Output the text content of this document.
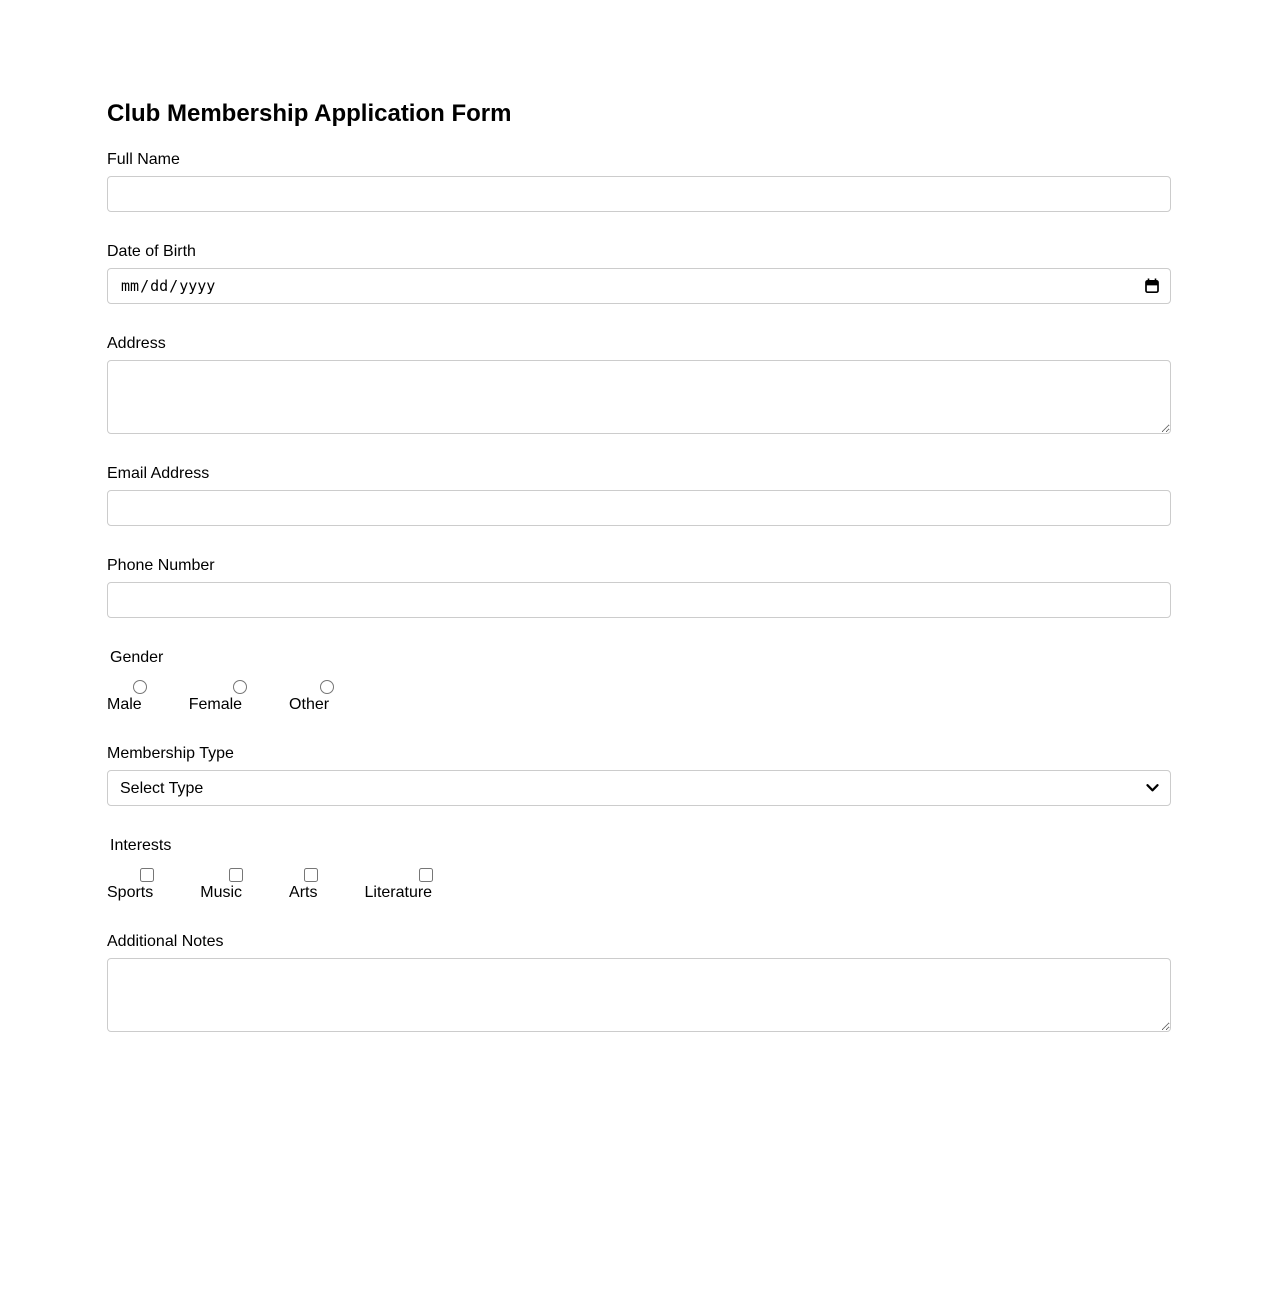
Club Membership Application Form
Full Name
Date of Birth
mm/dd/yyyy
Address
Email Address
Phone Number
Gender
Male
	Female
	Other
Membership Type
Select Type
Interests
Sports
	Music
	Arts
	Literature
Additional Notes
